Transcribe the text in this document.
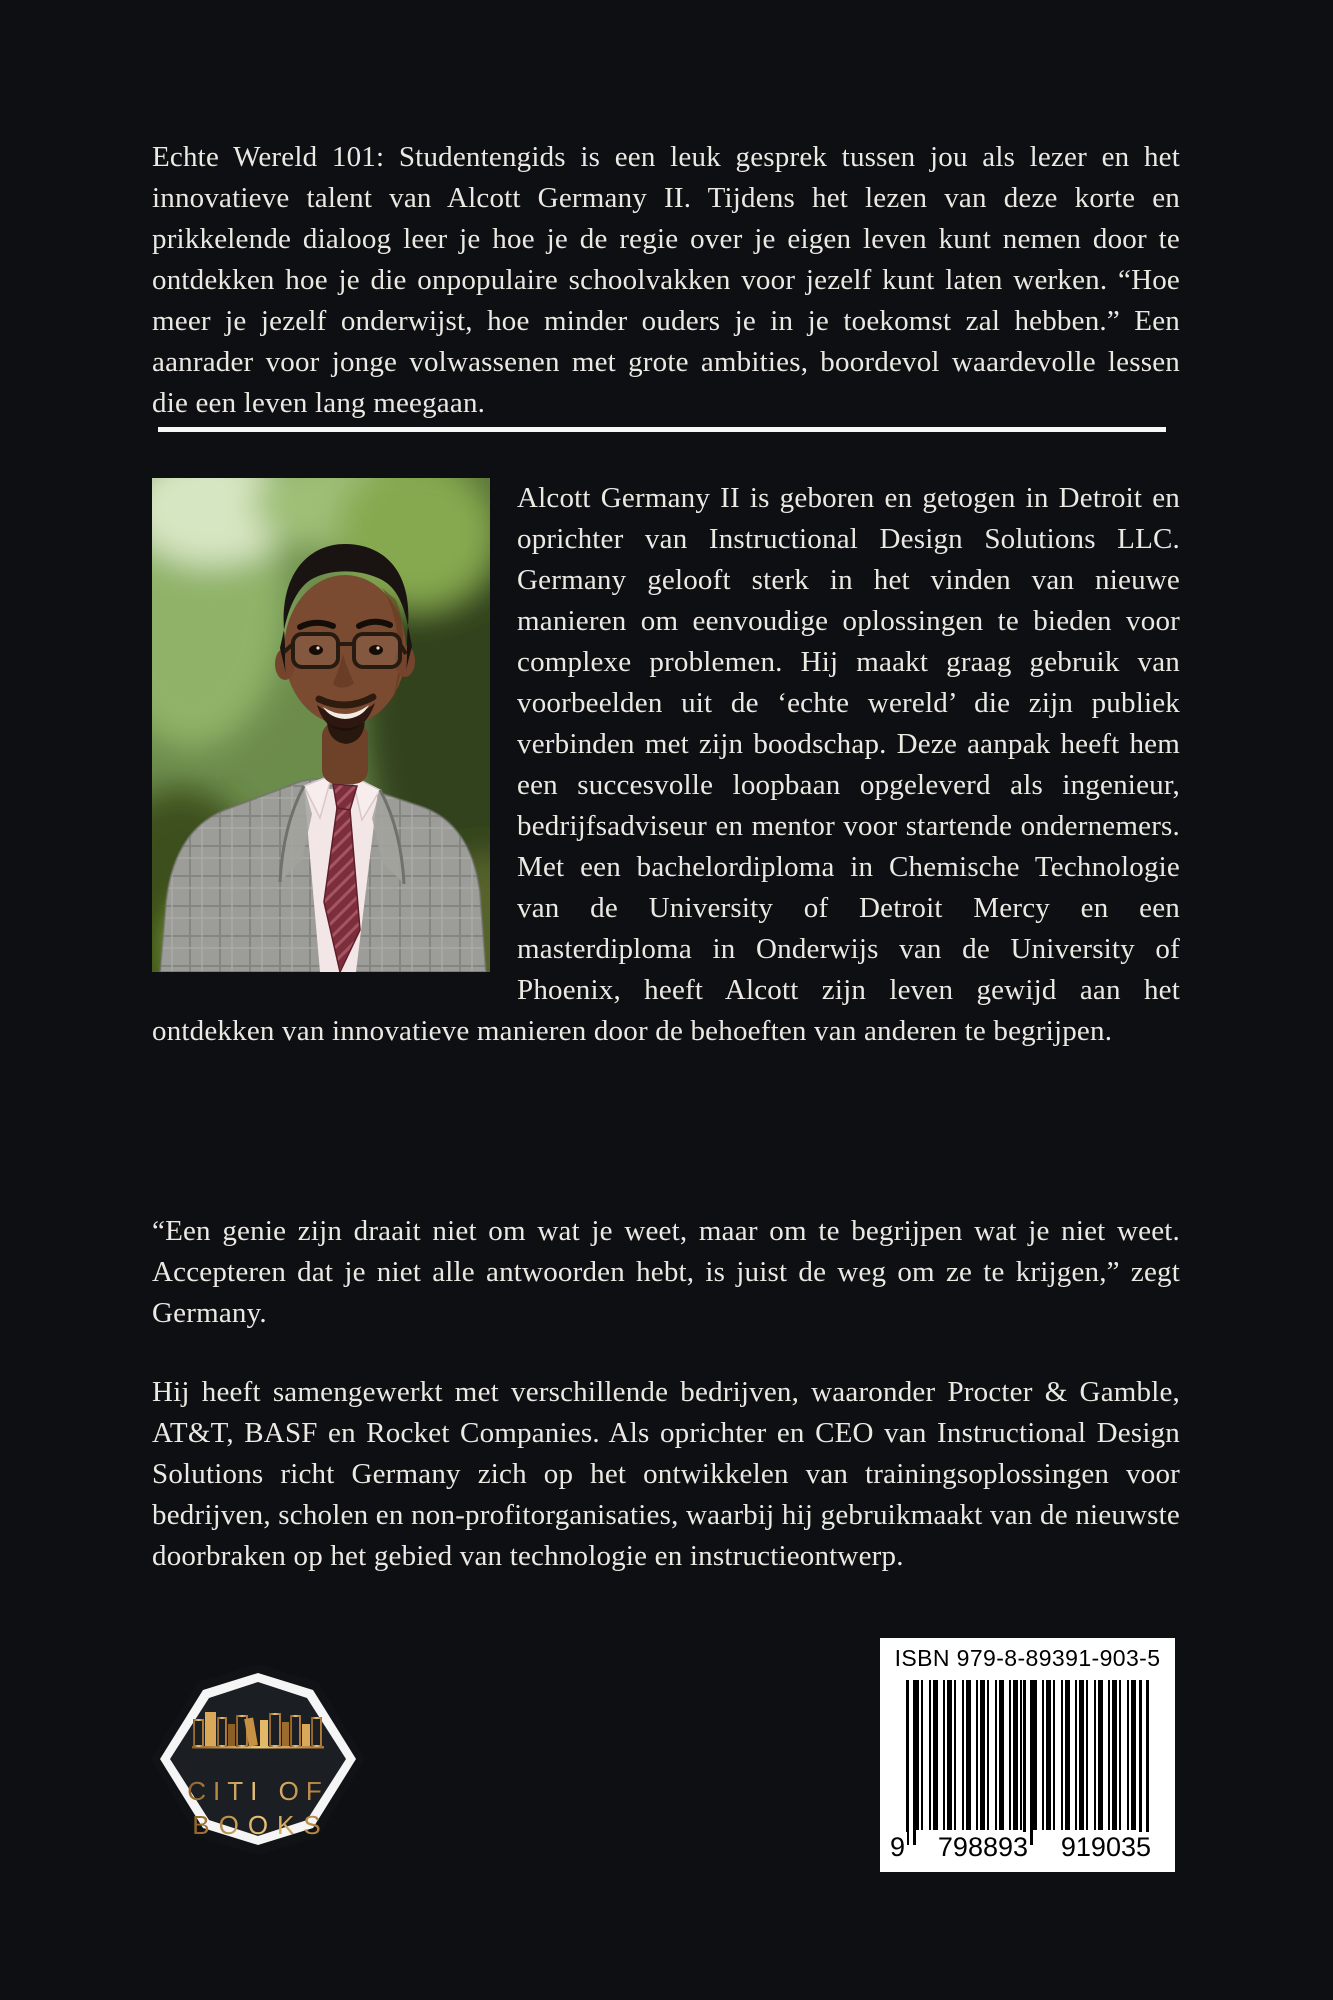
Echte Wereld 101: Studentengids is een leuk gesprek tussen jou als lezer en het innovatieve talent van Alcott Germany II. Tijdens het lezen van deze korte en prikkelende dialoog leer je hoe je de regie over je eigen leven kunt nemen door te ontdekken hoe je die onpopulaire schoolvakken voor jezelf kunt laten werken. “Hoe meer je jezelf onderwijst, hoe minder ouders je in je toekomst zal hebben.” Een aanrader voor jonge volwassenen met grote ambities, boordevol waardevolle lessen die een leven lang meegaan.

Alcott Germany II is geboren en getogen in Detroit en oprichter van Instructional Design Solutions LLC. Germany gelooft sterk in het vinden van nieuwe manieren om eenvoudige oplossingen te bieden voor complexe problemen. Hij maakt graag gebruik van voorbeelden uit de ‘echte wereld’ die zijn publiek verbinden met zijn boodschap. Deze aanpak heeft hem een succesvolle loopbaan opgeleverd als ingenieur, bedrijfsadviseur en mentor voor startende ondernemers. Met een bachelordiploma in Chemische Technologie van de University of Detroit Mercy en een masterdiploma in Onderwijs van de University of Phoenix, heeft Alcott zijn leven gewijd aan het ontdekken van innovatieve manieren door de behoeften van anderen te begrijpen.

“Een genie zijn draait niet om wat je weet, maar om te begrijpen wat je niet weet. Accepteren dat je niet alle antwoorden hebt, is juist de weg om ze te krijgen,” zegt Germany.

Hij heeft samengewerkt met verschillende bedrijven, waaronder Procter & Gamble, AT&T, BASF en Rocket Companies. Als oprichter en CEO van Instructional Design Solutions richt Germany zich op het ontwikkelen van trainingsoplossingen voor bedrijven, scholen en non-profitorganisaties, waarbij hij gebruikmaakt van de nieuwste doorbraken op het gebied van technologie en instructieontwerp.

CITI OF
BOOKS
ISBN 979-8-89391-903-5
9 798893 919035
